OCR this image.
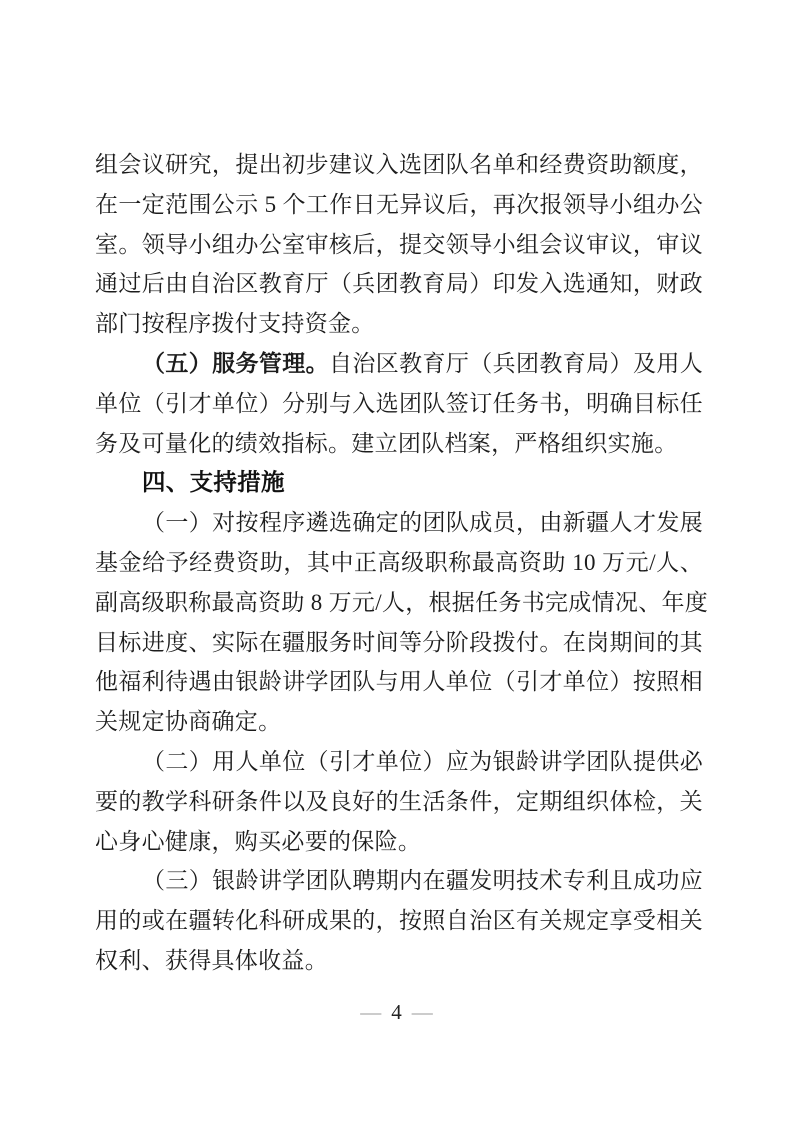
组会议研究，提出初步建议入选团队名单和经费资助额度，
在一定范围公示 5 个工作日无异议后，再次报领导小组办公
室。领导小组办公室审核后，提交领导小组会议审议，审议
通过后由自治区教育厅（兵团教育局）印发入选通知，财政
部门按程序拨付支持资金。
（五）服务管理。自治区教育厅（兵团教育局）及用人
单位（引才单位）分别与入选团队签订任务书，明确目标任
务及可量化的绩效指标。建立团队档案，严格组织实施。
四、支持措施
（一）对按程序遴选确定的团队成员，由新疆人才发展
基金给予经费资助，其中正高级职称最高资助 10 万元/人、
副高级职称最高资助 8 万元/人，根据任务书完成情况、年度
目标进度、实际在疆服务时间等分阶段拨付。在岗期间的其
他福利待遇由银龄讲学团队与用人单位（引才单位）按照相
关规定协商确定。
（二）用人单位（引才单位）应为银龄讲学团队提供必
要的教学科研条件以及良好的生活条件，定期组织体检，关
心身心健康，购买必要的保险。
（三）银龄讲学团队聘期内在疆发明技术专利且成功应
用的或在疆转化科研成果的，按照自治区有关规定享受相关
权利、获得具体收益。
— 4 —
